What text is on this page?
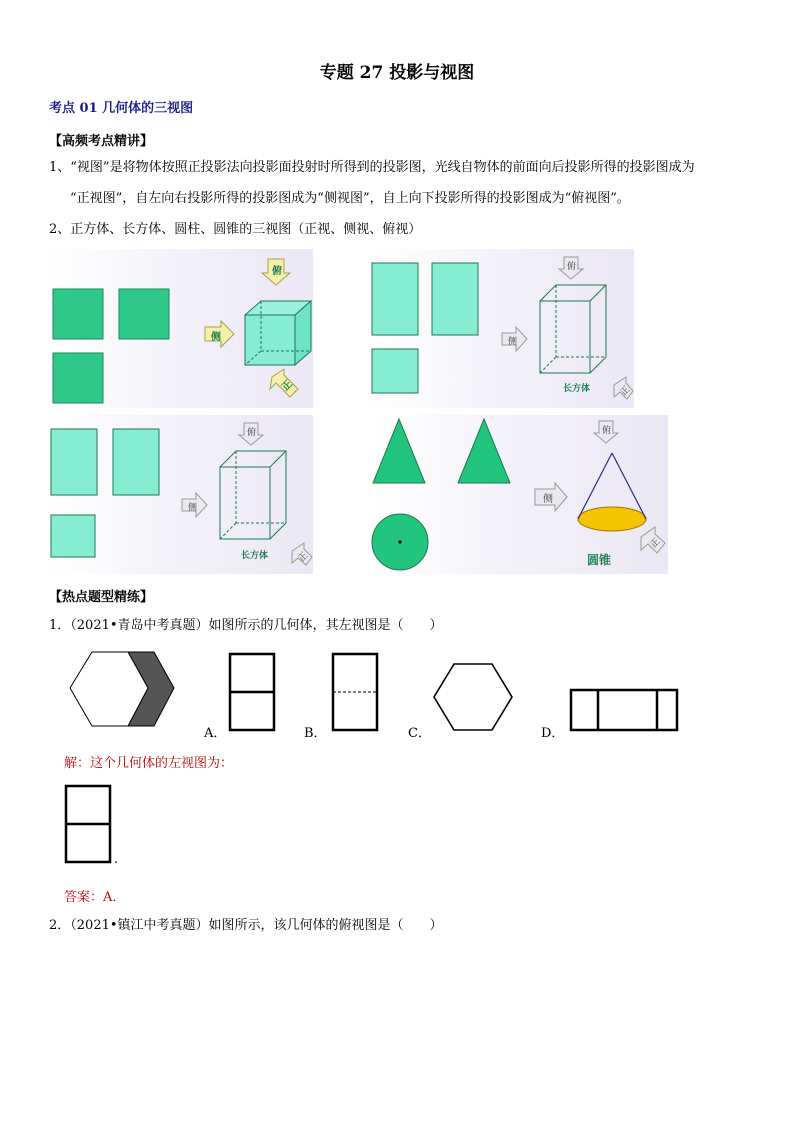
专题 27 投影与视图
考点 01 几何体的三视图
【高频考点精讲】
1、“视图”是将物体按照正投影法向投影面投射时所得到的投影图，光线自物体的前面向后投影所得的投影图成为
“正视图”，自左向右投影所得的投影图成为“侧视图”，自上向下投影所得的投影图成为“俯视图”。
2、正方体、长方体、圆柱、圆锥的三视图（正视、侧视、俯视）
俯
侧
正
俯
侧
长方体	正
俯
侧
长方体	正
俯
侧
圆锥
正
【热点题型精练】
1．（2021•青岛中考真题）如图所示的几何体，其左视图是（　　）
A．	B．	C．	D．
解：这个几何体的左视图为：
.
答案：A．
2．（2021•镇江中考真题）如图所示，该几何体的俯视图是（　　）
